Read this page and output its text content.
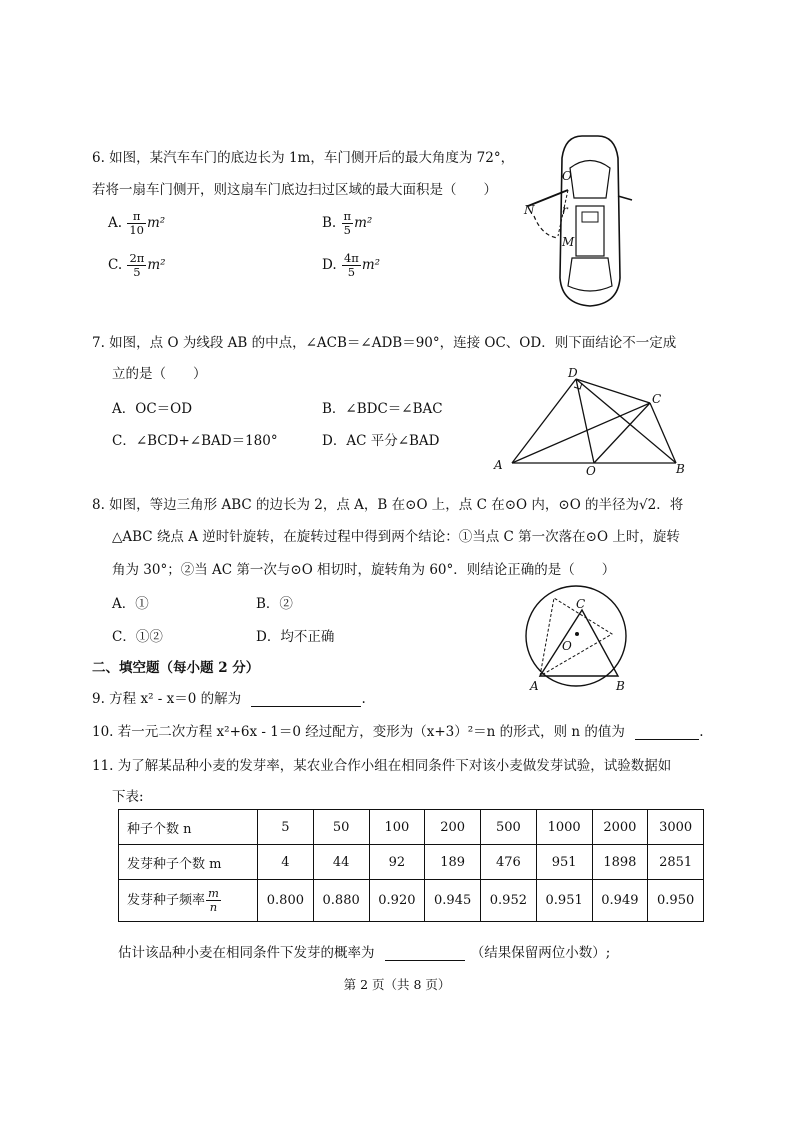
6. 如图，某汽车车门的底边长为 1m，车门侧开后的最大角度为 72°，
若将一扇车门侧开，则这扇车门底边扫过区域的最大面积是（　　）
A. $\frac{\pi}{10} m^2$	B. $\frac{\pi}{5} m^2$
C. $\frac{2\pi}{5} m^2$	D. $\frac{4\pi}{5} m^2$
O
N r
M
7. 如图，点 O 为线段 AB 的中点，∠ACB＝∠ADB＝90°，连接 OC、OD．则下面结论不一定成
立的是（　　）
A．OC＝OD	B．∠BDC＝∠BAC
C．∠BCD+∠BAD＝180°	D．AC 平分∠BAD
D
C
A	O	B
8. 如图，等边三角形 ABC 的边长为 2，点 A，B 在⊙O 上，点 C 在⊙O 内，⊙O 的半径为√2．将
△ABC 绕点 A 逆时针旋转，在旋转过程中得到两个结论：①当点 C 第一次落在⊙O 上时，旋转
角为 30°；②当 AC 第一次与⊙O 相切时，旋转角为 60°．则结论正确的是（　　）
A．①	B．②
C．①②	D．均不正确
C
O
A	B
二、填空题（每小题 2 分）
9. 方程 x² - x＝0 的解为	.
10. 若一元二次方程 x²+6x - 1＝0 经过配方，变形为（x+3）²＝n 的形式，则 n 的值为	.
11. 为了解某品种小麦的发芽率，某农业合作小组在相同条件下对该小麦做发芽试验，试验数据如
下表:
种子个数 n	5	50	100	200	500	1000	2000	3000
发芽种子个数 m	4	44	92	189	476	951	1898	2851
发芽种子频率 $\frac{m}{n}$	0.800	0.880	0.920	0.945	0.952	0.951	0.949	0.950
估计该品种小麦在相同条件下发芽的概率为	（结果保留两位小数）;
第 2 页（共 8 页）
